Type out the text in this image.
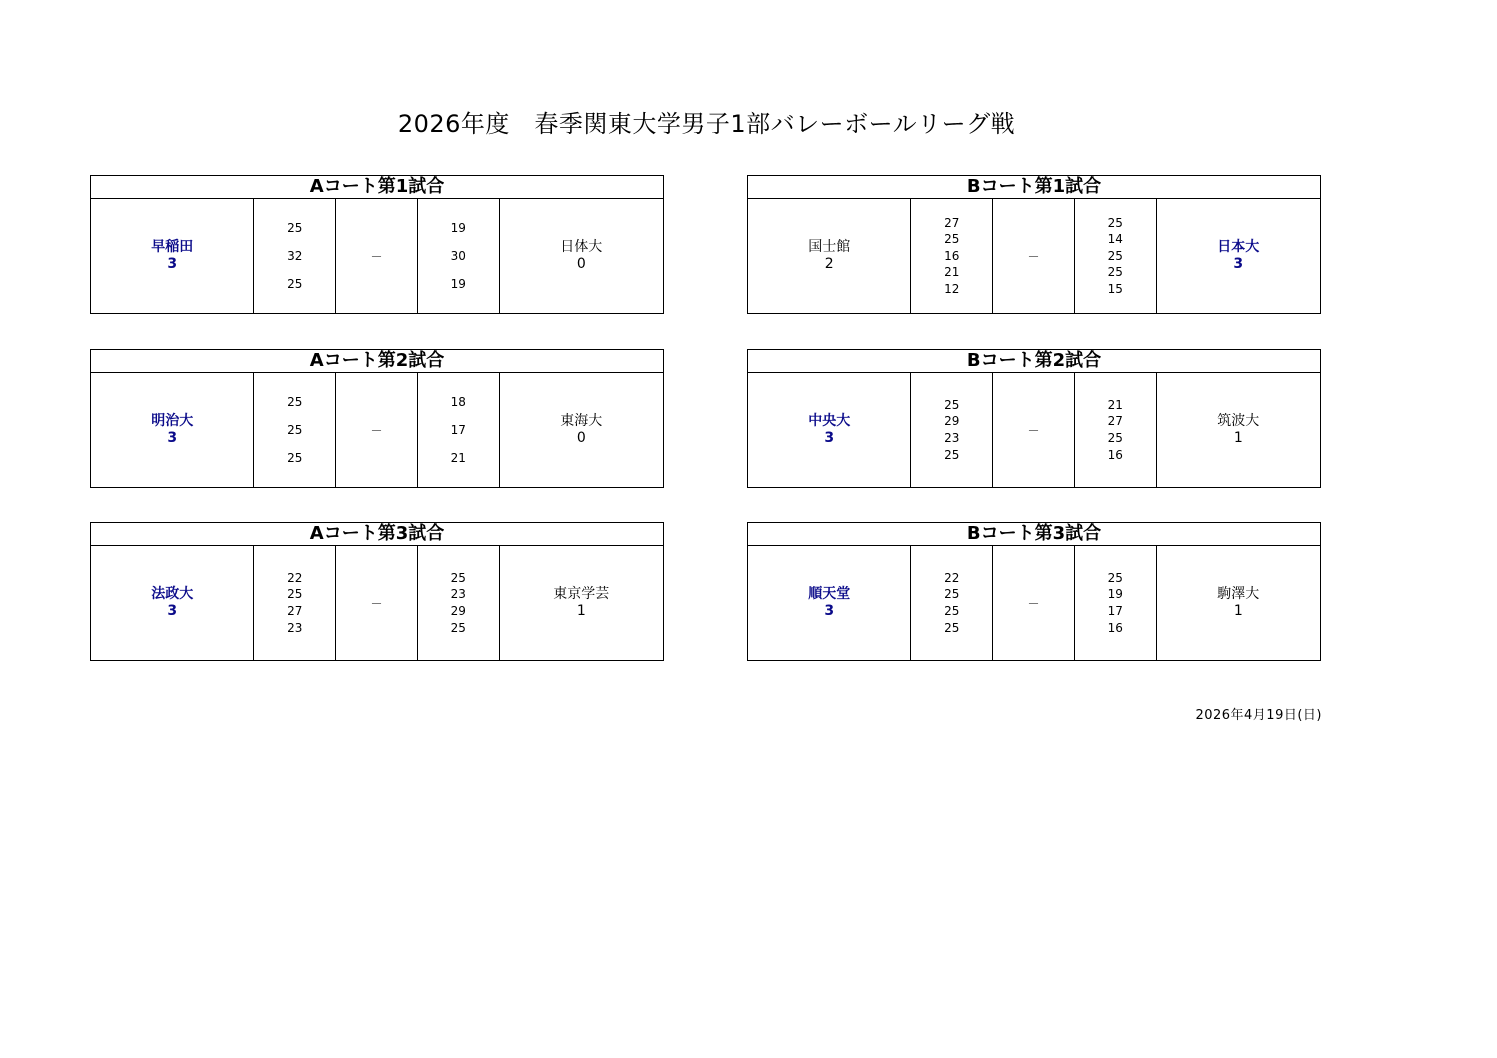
2026年度　春季関東大学男子1部バレーボールリーグ戦
Aコート第1試合
早稲田
3
25
32
25
－
19
30
19
日体大
0
Bコート第1試合
国士館
2
27
25
16
21
12
－
25
14
25
25
15
日本大
3
Aコート第2試合
明治大
3
25
25
25
－
18
17
21
東海大
0
Bコート第2試合
中央大
3
25
29
23
25
－
21
27
25
16
筑波大
1
Aコート第3試合
法政大
3
22
25
27
23
－
25
23
29
25
東京学芸
1
Bコート第3試合
順天堂
3
22
25
25
25
－
25
19
17
16
駒澤大
1
2026年4月19日(日)
